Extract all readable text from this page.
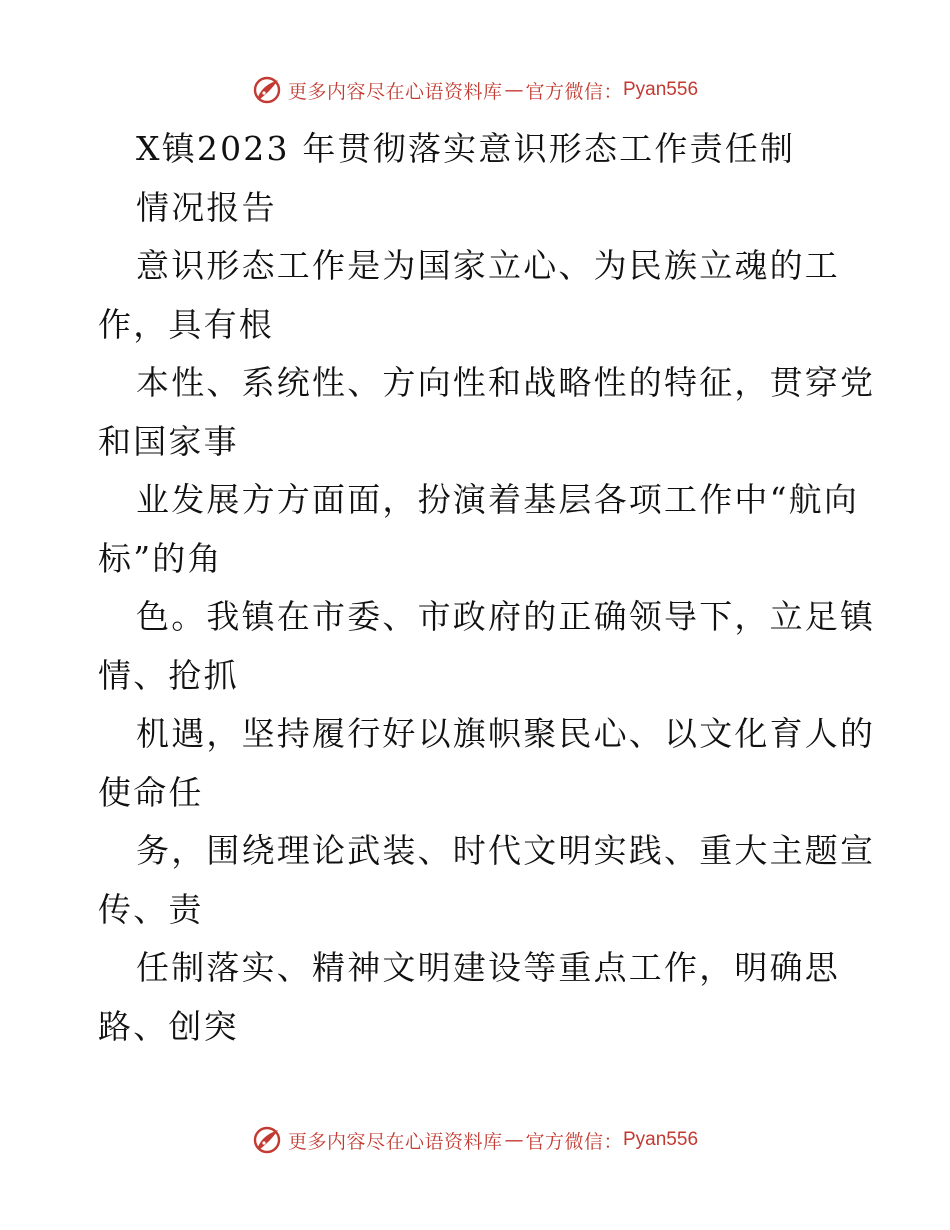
更多内容尽在心语资料库 — 官方微信： Pyan556
X镇2023 年贯彻落实意识形态工作责任制
情况报告
意识形态工作是为国家立心、为民族立魂的工
作，具有根
本性、系统性、方向性和战略性的特征，贯穿党
和国家事
业发展方方面面，扮演着基层各项工作中“航向
标”的角
色。我镇在市委、市政府的正确领导下，立足镇
情、抢抓
机遇，坚持履行好以旗帜聚民心、以文化育人的
使命任
务，围绕理论武装、时代文明实践、重大主题宣
传、责
任制落实、精神文明建设等重点工作，明确思
路、创突
更多内容尽在心语资料库 — 官方微信： Pyan556
